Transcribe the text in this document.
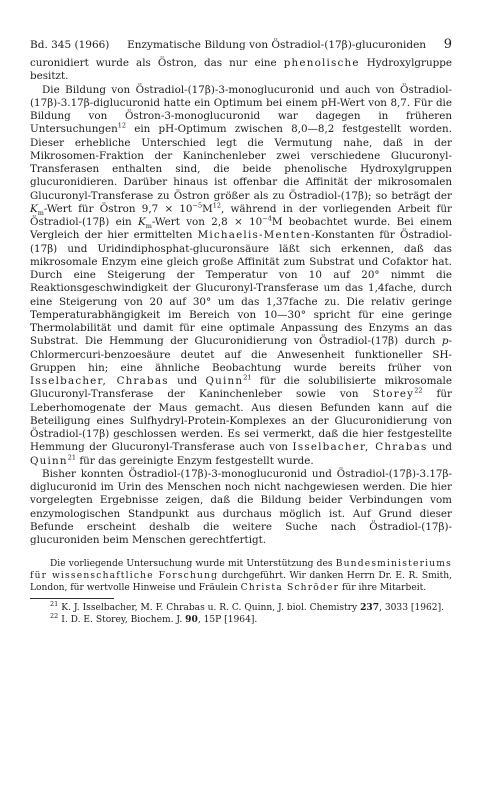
Bd. 345 (1966) Enzymatische Bildung von Östradiol-(17β)-glucuroniden 9

curonidiert wurde als Östron, das nur eine phenolische Hydroxylgruppe besitzt.

Die Bildung von Östradiol-(17β)-3-monoglucuronid und auch von Östradiol-(17β)-3.17β-diglucuronid hatte ein Optimum bei einem pH-Wert von 8,7. Für die Bildung von Östron-3-monoglucuronid war dagegen in früheren Untersuchungen$^{12}$ ein pH-Optimum zwischen 8,0—8,2 festgestellt worden. Dieser erhebliche Unterschied legt die Vermutung nahe, daß in der Mikrosomen-Fraktion der Kaninchenleber zwei verschiedene Glucuronyl-Transferasen enthalten sind, die beide phenolische Hydroxylgruppen glucuronidieren. Darüber hinaus ist offenbar die Affinität der mikrosomalen Glucuronyl-Transferase zu Östron größer als zu Östradiol-(17β); so beträgt der $K_m$-Wert für Östron $9,7 \times 10^{-5}M^{12}$, während in der vorliegenden Arbeit für Östradiol-(17β) ein $K_m$-Wert von $2,8 \times 10^{-4}M$ beobachtet wurde. Bei einem Vergleich der hier ermittelten Michaelis-Menten-Konstanten für Östradiol-(17β) und Uridindiphosphat-glucuronsäure läßt sich erkennen, daß das mikrosomale Enzym eine gleich große Affinität zum Substrat und Cofaktor hat. Durch eine Steigerung der Temperatur von 10 auf 20° nimmt die Reaktionsgeschwindigkeit der Glucuronyl-Transferase um das 1,4fache, durch eine Steigerung von 20 auf 30° um das 1,37fache zu. Die relativ geringe Temperaturabhängigkeit im Bereich von 10—30° spricht für eine geringe Thermolabilität und damit für eine optimale Anpassung des Enzyms an das Substrat. Die Hemmung der Glucuronidierung von Östradiol-(17β) durch p-Chlormercuri-benzoesäure deutet auf die Anwesenheit funktioneller SH-Gruppen hin; eine ähnliche Beobachtung wurde bereits früher von Isselbacher, Chrabas und Quinn$^{21}$ für die solubilisierte mikrosomale Glucuronyl-Transferase der Kaninchenleber sowie von Storey$^{22}$ für Leberhomogenate der Maus gemacht. Aus diesen Befunden kann auf die Beteiligung eines Sulfhydryl-Protein-Komplexes an der Glucuronidierung von Östradiol-(17β) geschlossen werden. Es sei vermerkt, daß die hier festgestellte Hemmung der Glucuronyl-Transferase auch von Isselbacher, Chrabas und Quinn$^{21}$ für das gereinigte Enzym festgestellt wurde.

Bisher konnten Östradiol-(17β)-3-monoglucuronid und Östradiol-(17β)-3.17β-diglucuronid im Urin des Menschen noch nicht nachgewiesen werden. Die hier vorgelegten Ergebnisse zeigen, daß die Bildung beider Verbindungen vom enzymologischen Standpunkt aus durchaus möglich ist. Auf Grund dieser Befunde erscheint deshalb die weitere Suche nach Östradiol-(17β)-glucuroniden beim Menschen gerechtfertigt.

Die vorliegende Untersuchung wurde mit Unterstützung des Bundesministeriums für wissenschaftliche Forschung durchgeführt. Wir danken Herrn Dr. E. R. Smith, London, für wertvolle Hinweise und Fräulein Christa Schröder für ihre Mitarbeit.

$^{21}$ K. J. Isselbacher, M. F. Chrabas u. R. C. Quinn, J. biol. Chemistry 237, 3033 [1962].

$^{22}$ I. D. E. Storey, Biochem. J. 90, 15P [1964].
